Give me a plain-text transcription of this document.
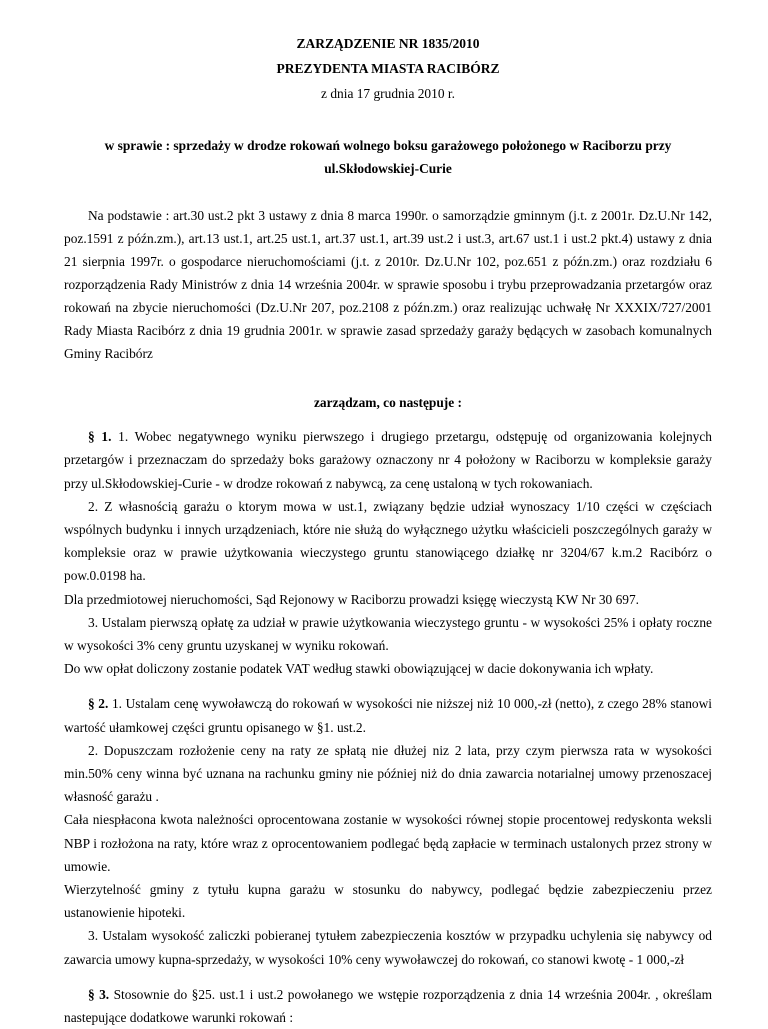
ZARZĄDZENIE NR 1835/2010

PREZYDENTA MIASTA RACIBÓRZ

z dnia 17 grudnia 2010 r.

w sprawie : sprzedaży w drodze rokowań wolnego boksu garażowego położonego w Raciborzu przy ul.Skłodowskiej-Curie

Na podstawie : art.30 ust.2 pkt 3 ustawy z dnia 8 marca 1990r. o samorządzie gminnym (j.t. z 2001r. Dz.U.Nr 142, poz.1591 z późn.zm.), art.13 ust.1, art.25 ust.1, art.37 ust.1, art.39 ust.2 i ust.3, art.67 ust.1 i ust.2 pkt.4) ustawy z dnia 21 sierpnia 1997r. o gospodarce nieruchomościami (j.t. z 2010r. Dz.U.Nr 102, poz.651 z późn.zm.) oraz rozdziału 6 rozporządzenia Rady Ministrów z dnia 14 września 2004r. w sprawie sposobu i trybu przeprowadzania przetargów oraz rokowań na zbycie nieruchomości (Dz.U.Nr 207, poz.2108 z późn.zm.) oraz realizując uchwałę Nr XXXIX/727/2001 Rady Miasta Racibórz z dnia 19 grudnia 2001r. w sprawie zasad sprzedaży garaży będących w zasobach komunalnych Gminy Racibórz

zarządzam, co następuje :

§ 1. 1. Wobec negatywnego wyniku pierwszego i drugiego przetargu, odstępuję od organizowania kolejnych przetargów i przeznaczam do sprzedaży boks garażowy oznaczony nr 4 położony w Raciborzu w kompleksie garaży przy ul.Skłodowskiej-Curie - w drodze rokowań z nabywcą, za cenę ustaloną w tych rokowaniach.

2. Z własnością garażu o ktorym mowa w ust.1, związany będzie udział wynoszacy 1/10 części w częściach wspólnych budynku i innych urządzeniach, które nie służą do wyłącznego użytku właścicieli poszczególnych garaży w kompleksie oraz w prawie użytkowania wieczystego gruntu stanowiącego działkę nr 3204/67 k.m.2 Racibórz o pow.0.0198 ha.

Dla przedmiotowej nieruchomości, Sąd Rejonowy w Raciborzu prowadzi księgę wieczystą KW Nr 30 697.

3. Ustalam pierwszą opłatę za udział w prawie użytkowania wieczystego gruntu - w wysokości 25% i opłaty roczne w wysokości 3% ceny gruntu uzyskanej w wyniku rokowań.

Do ww opłat doliczony zostanie podatek VAT według stawki obowiązującej w dacie dokonywania ich wpłaty.

§ 2. 1. Ustalam cenę wywoławczą do rokowań w wysokości nie niższej niż 10 000,-zł (netto), z czego 28% stanowi wartość ułamkowej części gruntu opisanego w §1. ust.2.

2. Dopuszczam rozłożenie ceny na raty ze spłatą nie dłużej niz 2 lata, przy czym pierwsza rata w wysokości min.50% ceny winna być uznana na rachunku gminy nie później niż do dnia zawarcia notarialnej umowy przenoszacej własność garażu .

Cała niespłacona kwota należności oprocentowana zostanie w wysokości równej stopie procentowej redyskonta weksli NBP i rozłożona na raty, które wraz z oprocentowaniem podlegać będą zapłacie w terminach ustalonych przez strony w umowie.

Wierzytelność gminy z tytułu kupna garażu w stosunku do nabywcy, podlegać będzie zabezpieczeniu przez ustanowienie hipoteki.

3. Ustalam wysokość zaliczki pobieranej tytułem zabezpieczenia kosztów w przypadku uchylenia się nabywcy od zawarcia umowy kupna-sprzedaży, w wysokości 10% ceny wywoławczej do rokowań, co stanowi kwotę - 1 000,-zł

§ 3. Stosownie do §25. ust.1 i ust.2 powołanego we wstępie rozporządzenia z dnia 14 września 2004r. , określam nastepujące dodatkowe warunki rokowań :
